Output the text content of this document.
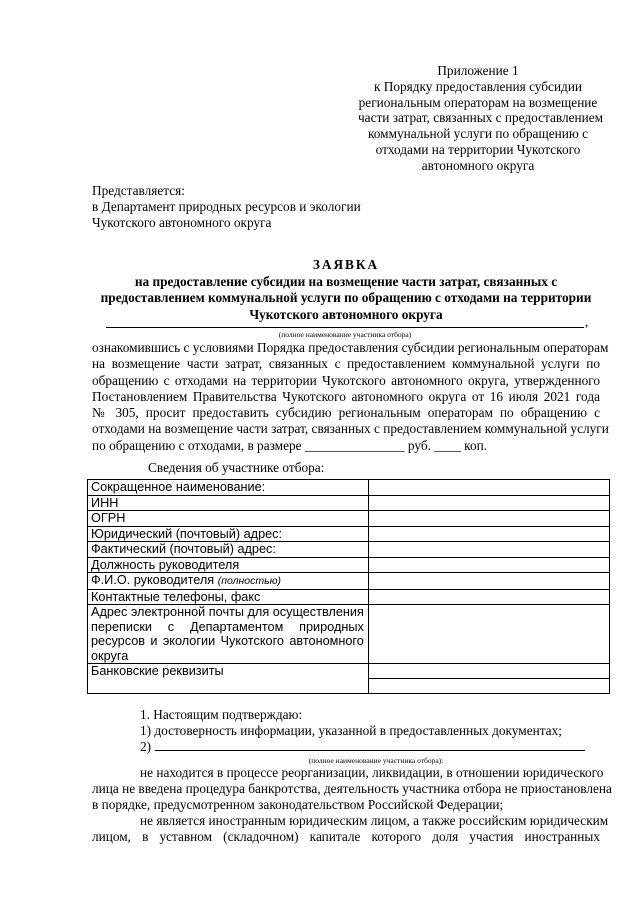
Приложение 1
к Порядку предоставления субсидии
региональным операторам на возмещение
части затрат, связанных с предоставлением
коммунальной услуги по обращению с
отходами на территории Чукотского
автономного округа
Представляется:
в Департамент природных ресурсов и экологии
Чукотского автономного округа
ЗАЯВКА
на предоставление субсидии на возмещение части затрат, связанных с
предоставлением коммунальной услуги по обращению с отходами на территории
Чукотского автономного округа	,
(полное наименование участника отбора)
ознакомившись с условиями Порядка предоставления субсидии региональным операторам
на возмещение части затрат, связанных с предоставлением коммунальной услуги по
обращению с отходами на территории Чукотского автономного округа, утвержденного
Постановлением Правительства Чукотского автономного округа от 16 июля 2021 года
№ 305, просит предоставить субсидию региональным операторам по обращению с
отходами на возмещение части затрат, связанных с предоставлением коммунальной услуги
по обращению с отходами, в размере _______________ руб. ____ коп.
Сведения об участнике отбора:
Сокращенное наименование:	
ИНН	
ОГРН	
Юридический (почтовый) адрес:	
Фактический (почтовый) адрес:	
Должность руководителя	
Ф.И.О. руководителя (полностью)	
Контактные телефоны, факс	

Адрес электронной почты для осуществления
переписки с Департаментом природных
ресурсов и экологии Чукотского автономного
округа	

Банковские реквизиты	
1. Настоящим подтверждаю:
1) достоверность информации, указанной в предоставленных документах;
2)
(полное наименование участника отбора):
не находится в процессе реорганизации, ликвидации, в отношении юридического
лица не введена процедура банкротства, деятельность участника отбора не приостановлена
в порядке, предусмотренном законодательством Российской Федерации;
не является иностранным юридическим лицом, а также российским юридическим
лицом, в уставном (складочном) капитале которого доля участия иностранных
